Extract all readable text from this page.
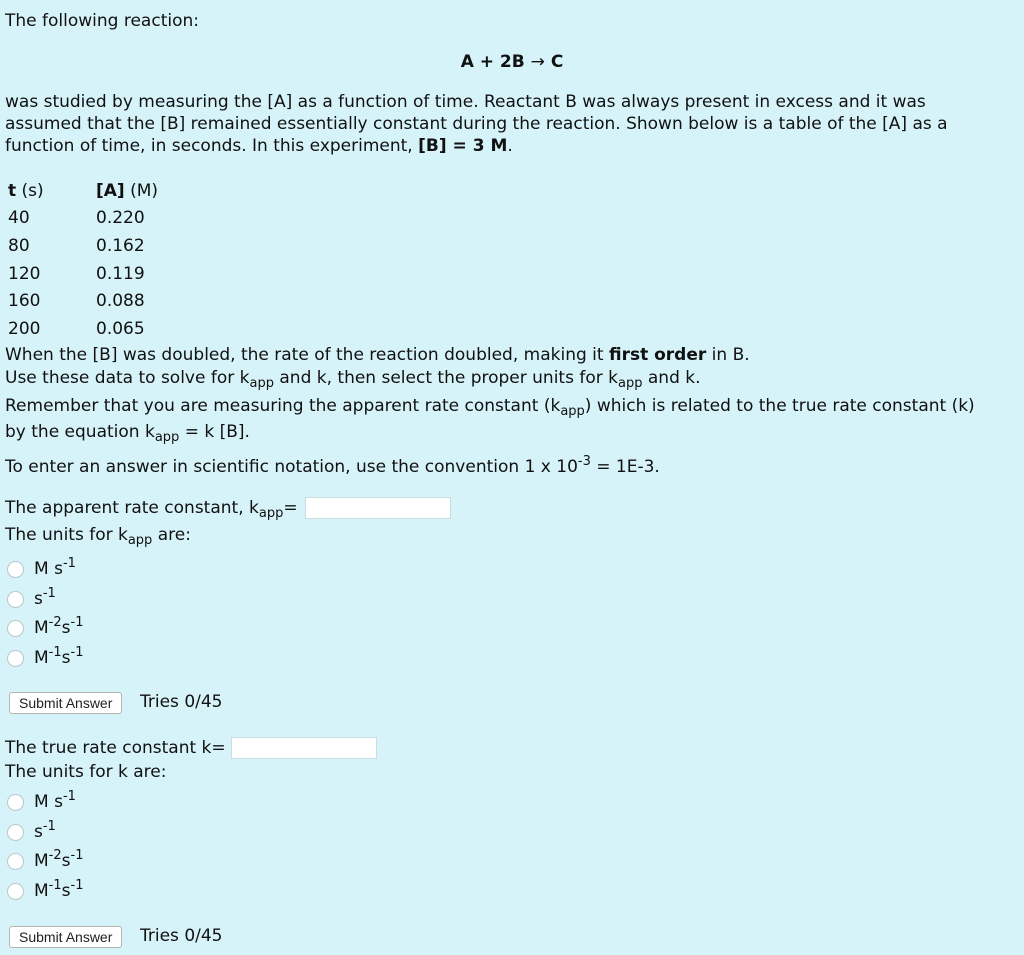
The following reaction:
A + 2B → C
was studied by measuring the [A] as a function of time. Reactant B was always present in excess and it was
assumed that the [B] remained essentially constant during the reaction. Shown below is a table of the [A] as a
function of time, in seconds. In this experiment, [B] = 3 M.
t (s)	[A] (M)
40	0.220
80	0.162
120	0.119
160	0.088
200	0.065
When the [B] was doubled, the rate of the reaction doubled, making it first order in B.
Use these data to solve for $k_{app}$ and k, then select the proper units for $k_{app}$ and k.
Remember that you are measuring the apparent rate constant $(k_{app})$ which is related to the true rate constant (k)
by the equation $k_{app} = k$ [B].
To enter an answer in scientific notation, use the convention 1 x $10^{-3} = 1E-3$.
The apparent rate constant, $k_{app}=$
The units for $k_{app}$ are:
M $s^{-1}$
$s^{-1}$
$M^{-2}s^{-1}$
$M^{-1}s^{-1}$
Submit Answer	Tries 0/45
The true rate constant k=
The units for k are:
M $s^{-1}$
$s^{-1}$
$M^{-2}s^{-1}$
$M^{-1}s^{-1}$
Submit Answer	Tries 0/45
